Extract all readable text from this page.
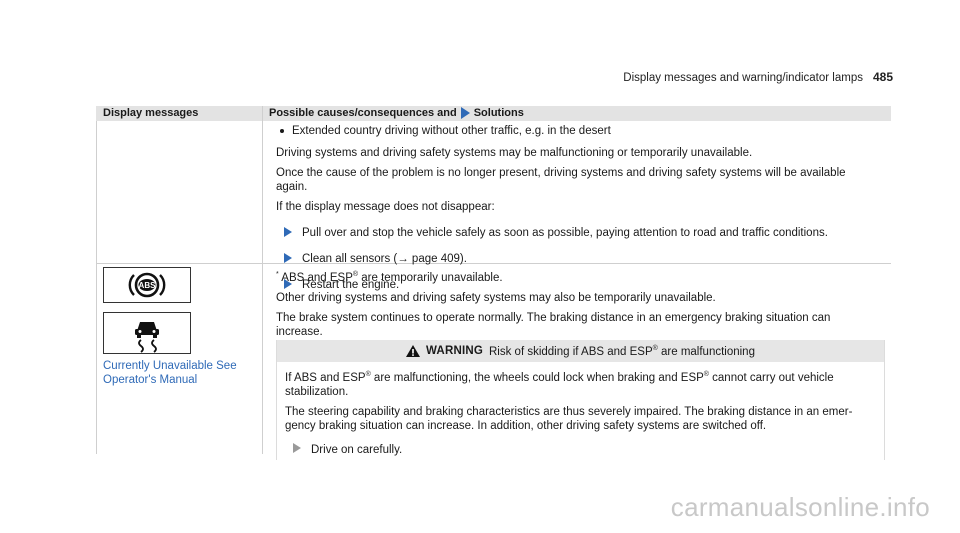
Display messages and warning/indicator lamps 485
Display messages	Possible causes/consequences and Solutions
Extended country driving without other traffic, e.g. in the desert

Driving systems and driving safety systems may be malfunctioning or temporarily unavailable.

Once the cause of the problem is no longer present, driving systems and driving safety systems will be available
again.

If the display message does not disappear:

Pull over and stop the vehicle safely as soon as possible, paying attention to road and traffic conditions.
Clean all sensors (→ page 409).
Restart the engine.
ABS
Currently Unavailable See
Operator's Manual

* ABS and ESP® are temporarily unavailable.

Other driving systems and driving safety systems may also be temporarily unavailable.

The brake system continues to operate normally. The braking distance in an emergency braking situation can
increase.

WARNING Risk of skidding if ABS and ESP® are malfunctioning

If ABS and ESP® are malfunctioning, the wheels could lock when braking and ESP® cannot carry out vehicle
stabilization.

The steering capability and braking characteristics are thus severely impaired. The braking distance in an emer-
gency braking situation can increase. In addition, other driving safety systems are switched off.

Drive on carefully.
carmanualsonline.info
